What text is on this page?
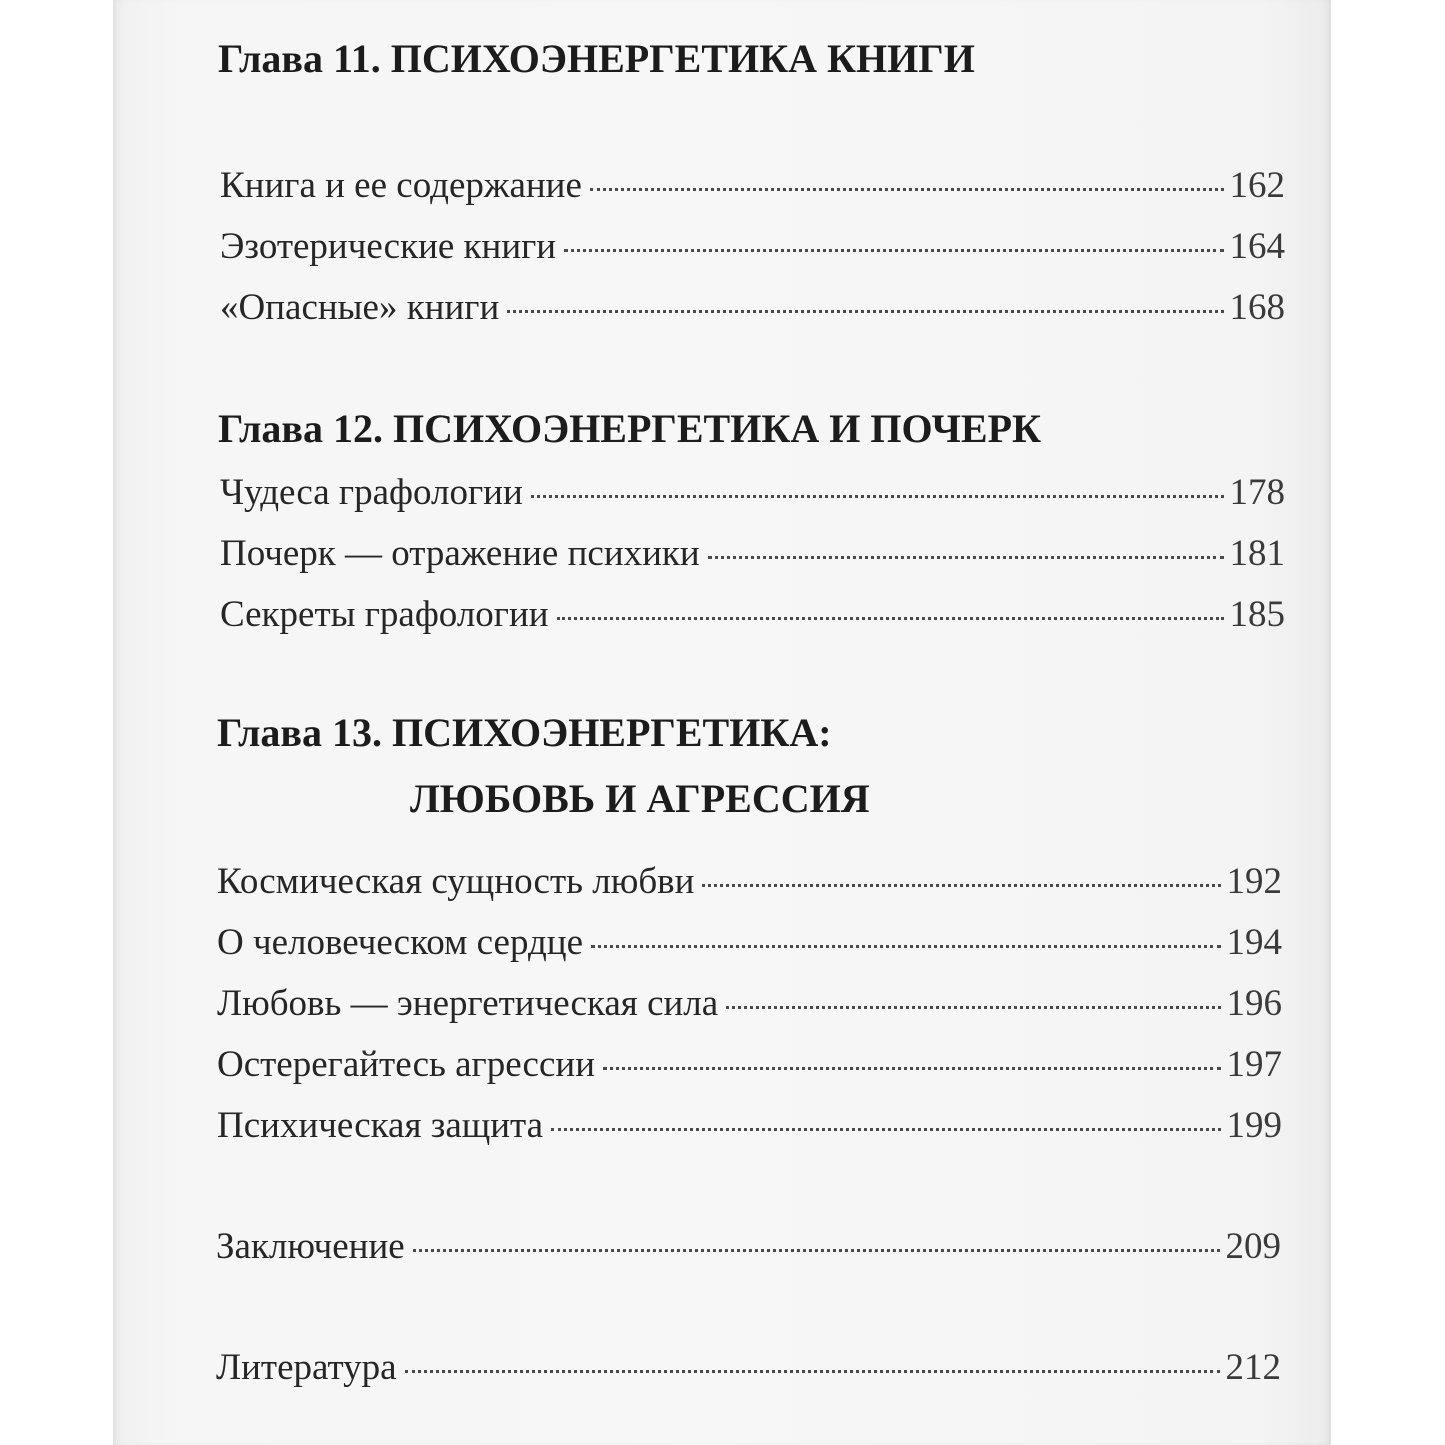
Глава 11. ПСИХОЭНЕРГЕТИКА КНИГИ
Книга и ее содержание	162
Эзотерические книги	164
«Опасные» книги	168
Глава 12. ПСИХОЭНЕРГЕТИКА И ПОЧЕРК
Чудеса графологии	178
Почерк — отражение психики	181
Секреты графологии	185
Глава 13. ПСИХОЭНЕРГЕТИКА:
ЛЮБОВЬ И АГРЕССИЯ
Космическая сущность любви	192
О человеческом сердце	194
Любовь — энергетическая сила	196
Остерегайтесь агрессии	197
Психическая защита	199
Заключение	209
Литература	212
